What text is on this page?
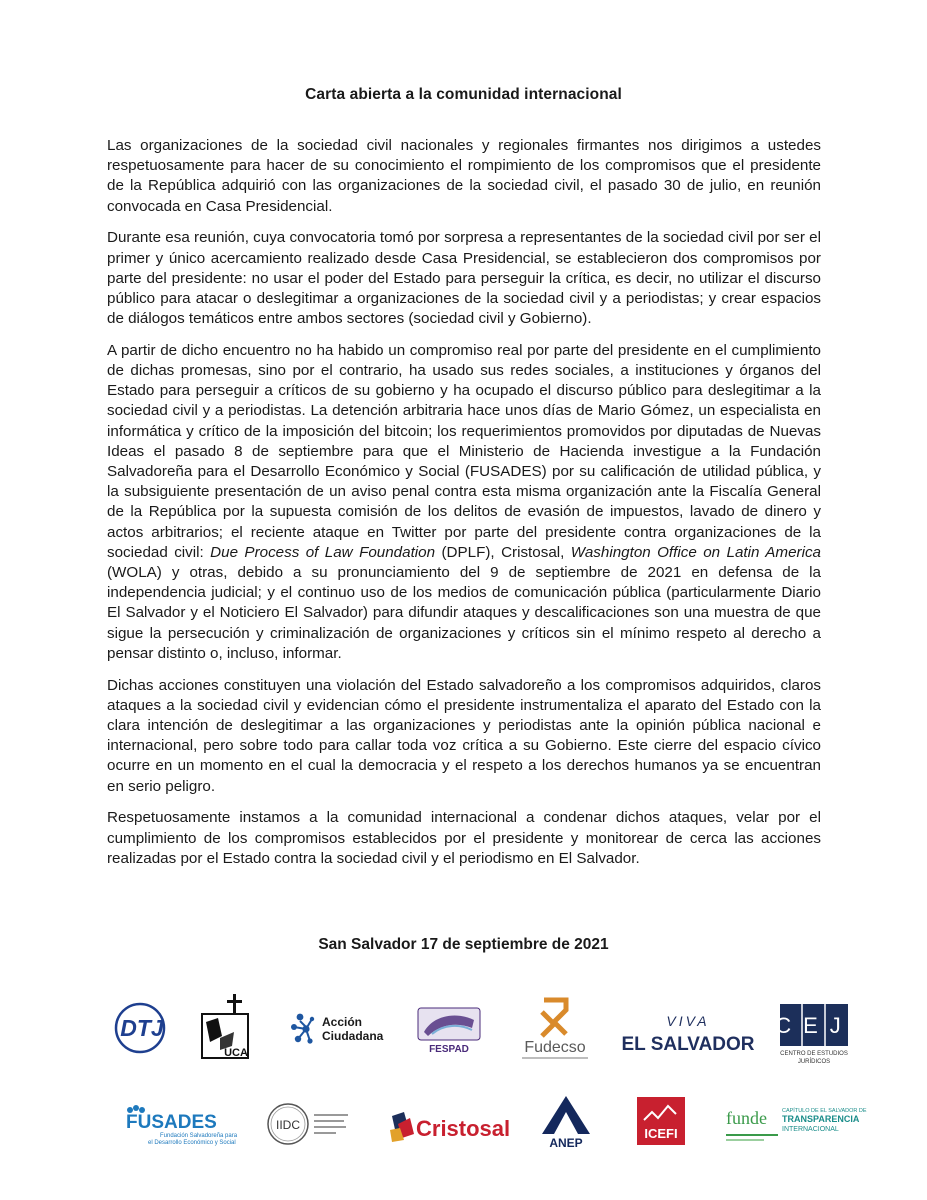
Carta abierta a la comunidad internacional

Las organizaciones de la sociedad civil nacionales y regionales firmantes nos dirigimos a ustedes respetuosamente para hacer de su conocimiento el rompimiento de los compromisos que el presidente de la República adquirió con las organizaciones de la sociedad civil, el pasado 30 de julio, en reunión convocada en Casa Presidencial.

Durante esa reunión, cuya convocatoria tomó por sorpresa a representantes de la sociedad civil por ser el primer y único acercamiento realizado desde Casa Presidencial, se establecieron dos compromisos por parte del presidente: no usar el poder del Estado para perseguir la crítica, es decir, no utilizar el discurso público para atacar o deslegitimar a organizaciones de la sociedad civil y a periodistas; y crear espacios de diálogos temáticos entre ambos sectores (sociedad civil y Gobierno).

A partir de dicho encuentro no ha habido un compromiso real por parte del presidente en el cumplimiento de dichas promesas, sino por el contrario, ha usado sus redes sociales, a instituciones y órganos del Estado para perseguir a críticos de su gobierno y ha ocupado el discurso público para deslegitimar a la sociedad civil y a periodistas. La detención arbitraria hace unos días de Mario Gómez, un especialista en informática y crítico de la imposición del bitcoin; los requerimientos promovidos por diputadas de Nuevas Ideas el pasado 8 de septiembre para que el Ministerio de Hacienda investigue a la Fundación Salvadoreña para el Desarrollo Económico y Social (FUSADES) por su calificación de utilidad pública, y la subsiguiente presentación de un aviso penal contra esta misma organización ante la Fiscalía General de la República por la supuesta comisión de los delitos de evasión de impuestos, lavado de dinero y actos arbitrarios; el reciente ataque en Twitter por parte del presidente contra organizaciones de la sociedad civil: Due Process of Law Foundation (DPLF), Cristosal, Washington Office on Latin America (WOLA) y otras, debido a su pronunciamiento del 9 de septiembre de 2021 en defensa de la independencia judicial; y el continuo uso de los medios de comunicación pública (particularmente Diario El Salvador y el Noticiero El Salvador) para difundir ataques y descalificaciones son una muestra de que sigue la persecución y criminalización de organizaciones y críticos sin el mínimo respeto al derecho a pensar distinto o, incluso, informar.

Dichas acciones constituyen una violación del Estado salvadoreño a los compromisos adquiridos, claros ataques a la sociedad civil y evidencian cómo el presidente instrumentaliza el aparato del Estado con la clara intención de deslegitimar a las organizaciones y periodistas ante la opinión pública nacional e internacional, pero sobre todo para callar toda voz crítica a su Gobierno. Este cierre del espacio cívico ocurre en un momento en el cual la democracia y el respeto a los derechos humanos ya se encuentran en serio peligro.

Respetuosamente instamos a la comunidad internacional a condenar dichos ataques, velar por el cumplimiento de los compromisos establecidos por el presidente y monitorear de cerca las acciones realizadas por el Estado contra la sociedad civil y el periodismo en El Salvador.

San Salvador 17 de septiembre de 2021
DTJ
UCA
Acción
Ciudadana
FESPAD	Fudecso
VIVA
EL SALVADOR
CEJ
CENTRO DE ESTUDIOS
JURÍDICOS
FUSADES
Fundación Salvadoreña para
el Desarrollo Económico y Social
IIDC	Cristosal
ANEP
ICEFI
funde	CAPÍTULO DE EL SALVADOR DE
TRANSPARENCIA
INTERNACIONAL
